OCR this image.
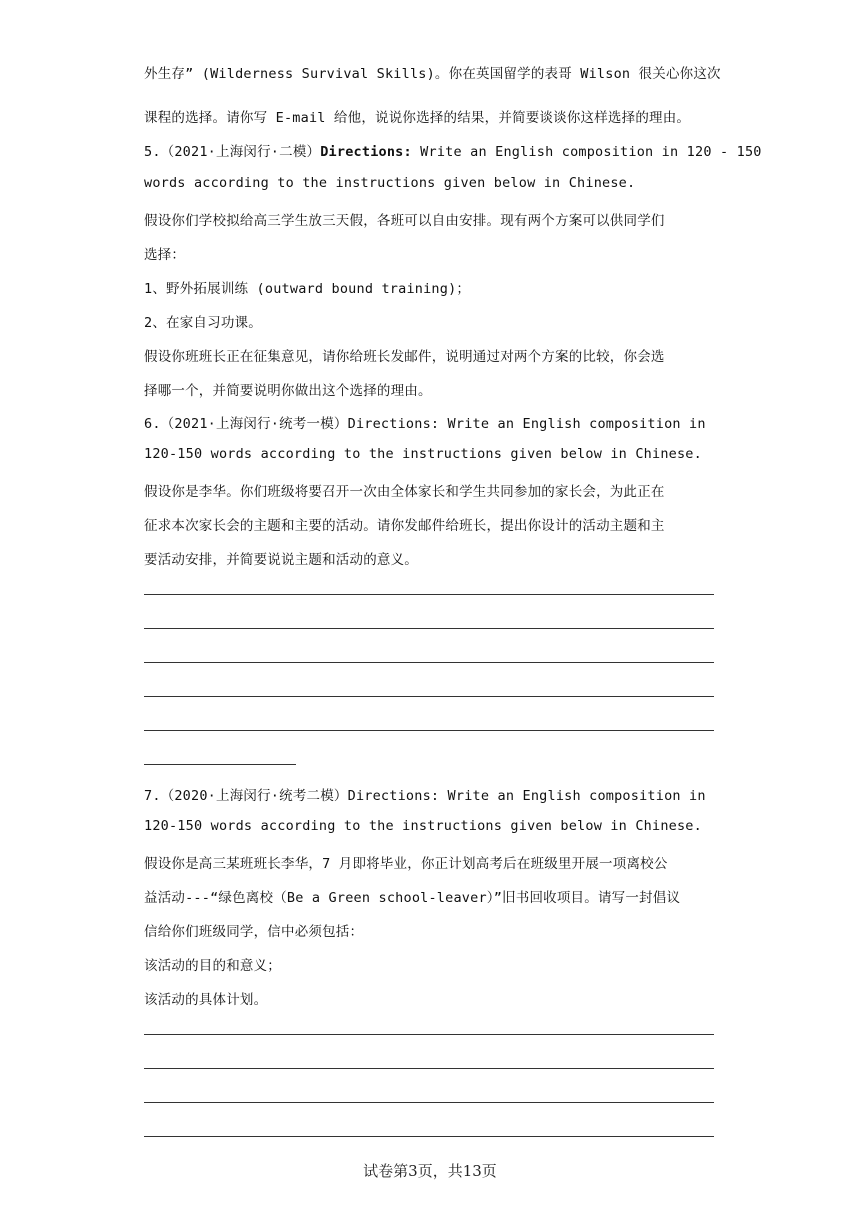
外生存” (Wilderness Survival Skills)。你在英国留学的表哥 Wilson 很关心你这次
课程的选择。请你写 E-mail 给他，说说你选择的结果，并简要谈谈你这样选择的理由。
5.（2021·上海闵行·二模）Directions: Write an English composition in 120 - 150
words according to the instructions given below in Chinese.
假设你们学校拟给高三学生放三天假，各班可以自由安排。现有两个方案可以供同学们
选择：
1、野外拓展训练 (outward bound training)；
2、在家自习功课。
假设你班班长正在征集意见，请你给班长发邮件，说明通过对两个方案的比较，你会选
择哪一个，并简要说明你做出这个选择的理由。
6.（2021·上海闵行·统考一模）Directions: Write an English composition in
120-150 words according to the instructions given below in Chinese.
假设你是李华。你们班级将要召开一次由全体家长和学生共同参加的家长会，为此正在
征求本次家长会的主题和主要的活动。请你发邮件给班长，提出你设计的活动主题和主
要活动安排，并简要说说主题和活动的意义。
7.（2020·上海闵行·统考二模）Directions: Write an English composition in
120-150 words according to the instructions given below in Chinese.
假设你是高三某班班长李华，7 月即将毕业，你正计划高考后在班级里开展一项离校公
益活动---“绿色离校（Be a Green school-leaver）”旧书回收项目。请写一封倡议
信给你们班级同学，信中必须包括：
该活动的目的和意义；
该活动的具体计划。
试卷第3页，共13页
